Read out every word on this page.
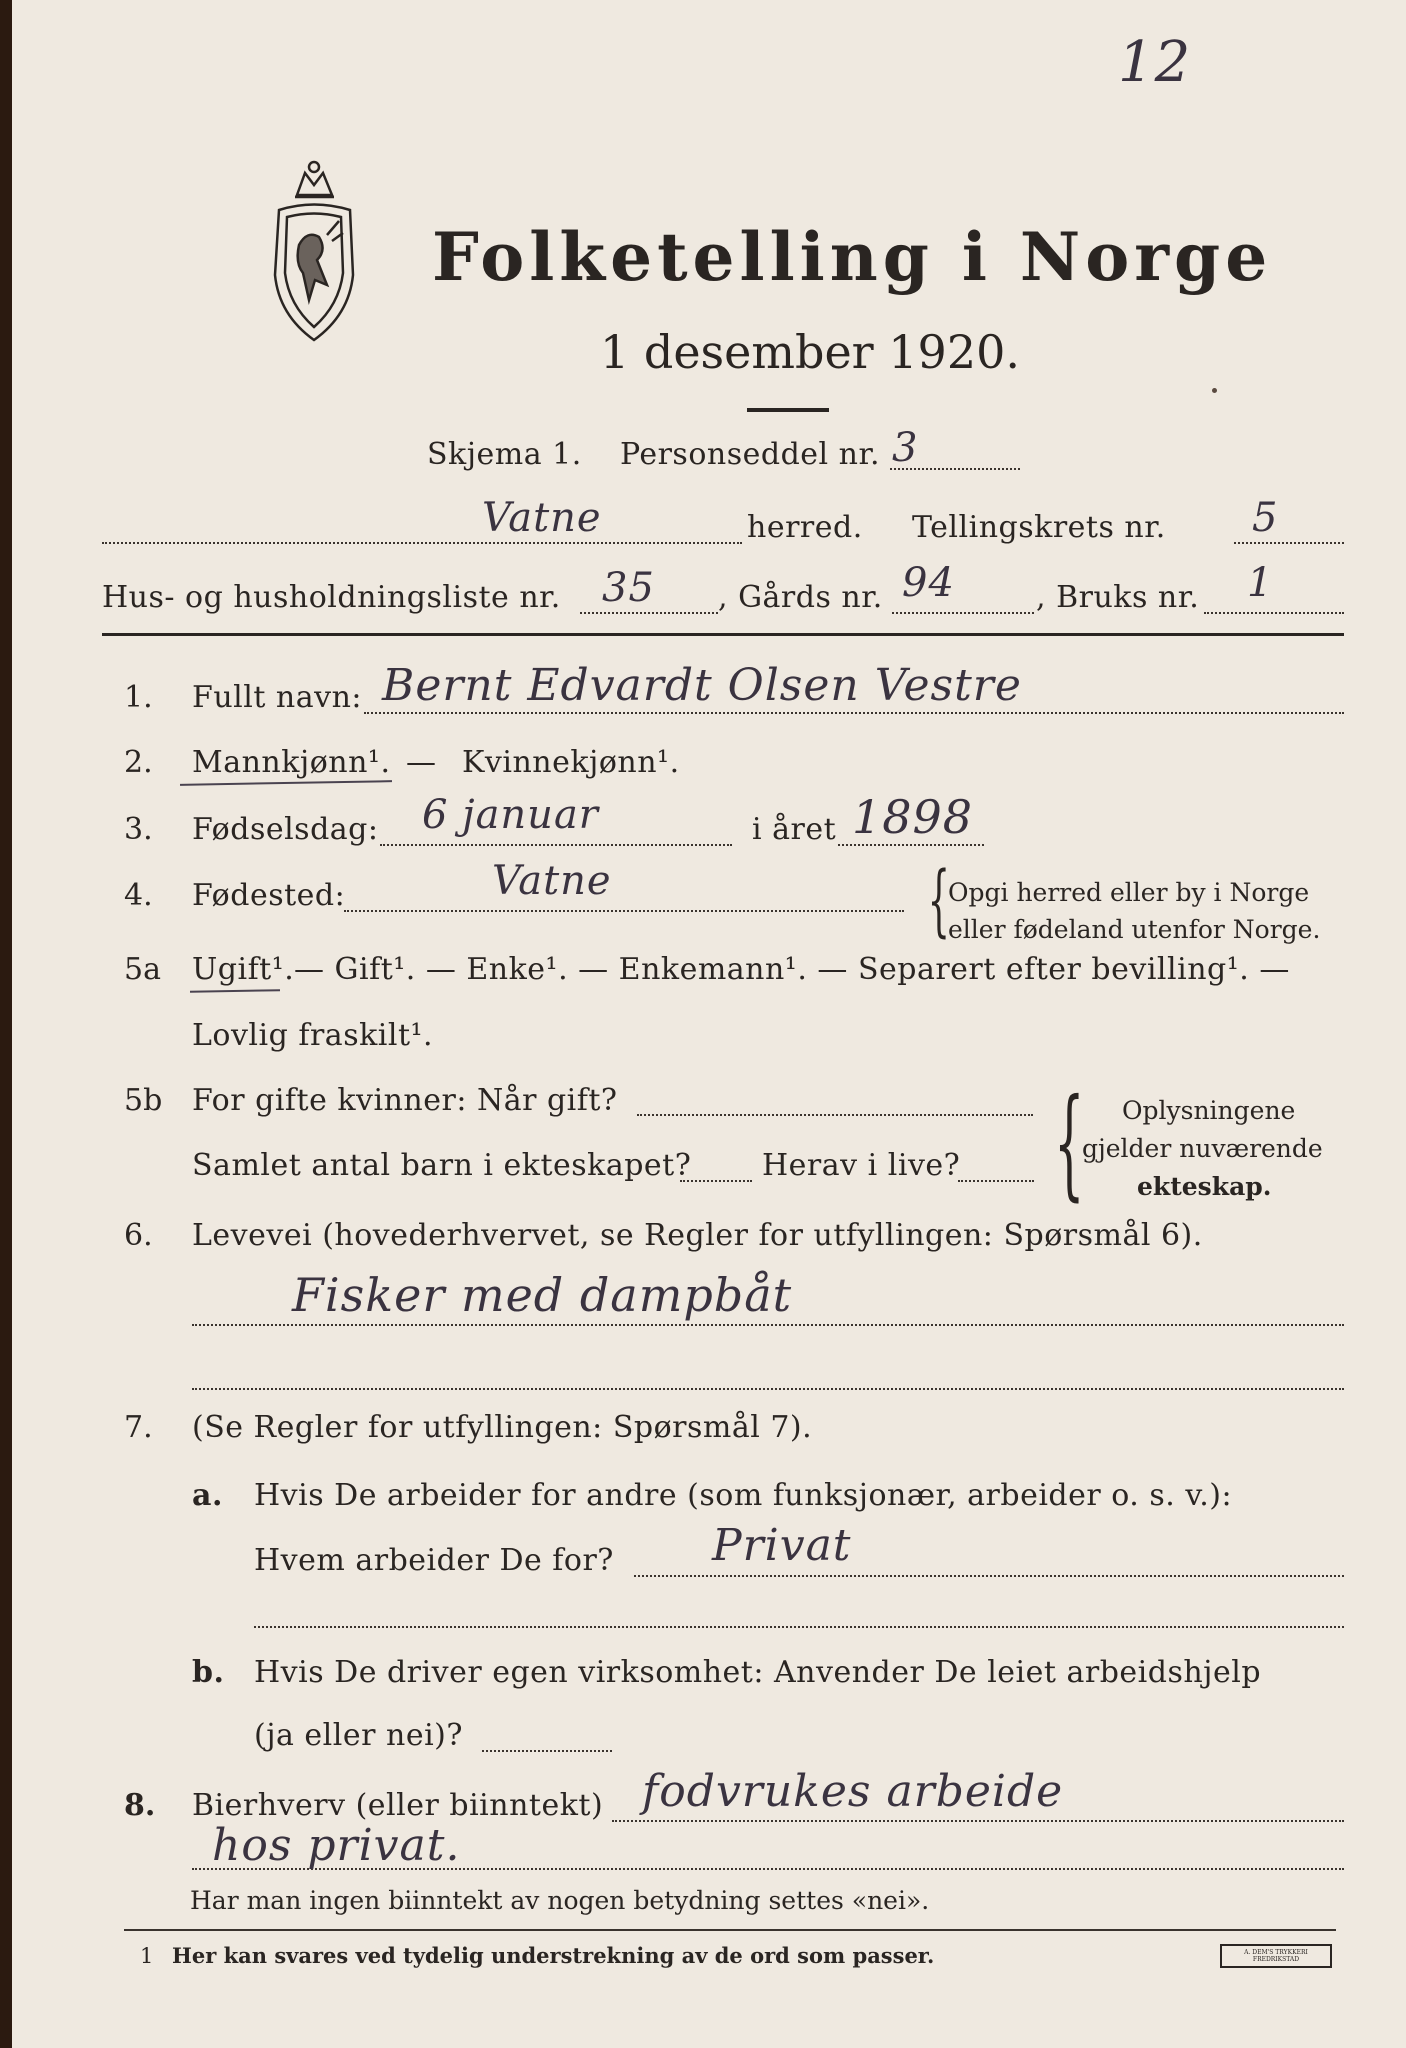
12
Folketelling i Norge
1 desember 1920.
Skjema 1. Personseddel nr. 3
Vatne	herred. Tellingskrets nr. 5
Hus- og husholdningsliste nr. 35 , Gårds nr. 94	, Bruks nr. 1
1. Fullt navn: Bernt Edvardt Olsen Vestre
2. Mannkjønn¹. — Kvinnekjønn¹.
3. Fødselsdag: 6 januar	i året 1898
4. Fødested:	Vatne	{
Opgi herred eller by i Norge
eller fødeland utenfor Norge.
5a Ugift¹. — Gift¹. — Enke¹. — Enkemann¹. — Separert efter bevilling¹. —
Lovlig fraskilt¹.
5b For gifte kvinner: Når gift?
Samlet antal barn i ekteskapet? Herav i live? { Oplysningene
gjelder nuværende
ekteskap.
6. Levevei (hovederhvervet, se Regler for utfyllingen: Spørsmål 6).
Fisker med dampbåt
7. (Se Regler for utfyllingen: Spørsmål 7).
a. Hvis De arbeider for andre (som funksjonær, arbeider o. s. v.):
Hvem arbeider De for? Privat
b. Hvis De driver egen virksomhet: Anvender De leiet arbeidshjelp
(ja eller nei)?
8. Bierhverv (eller biinntekt) fodvrukes arbeide
hos privat.
Har man ingen biinntekt av nogen betydning settes «nei».
1 Her kan svares ved tydelig understrekning av de ord som passer.	A. DEM'S TRYKKERI FREDRIKSTAD
